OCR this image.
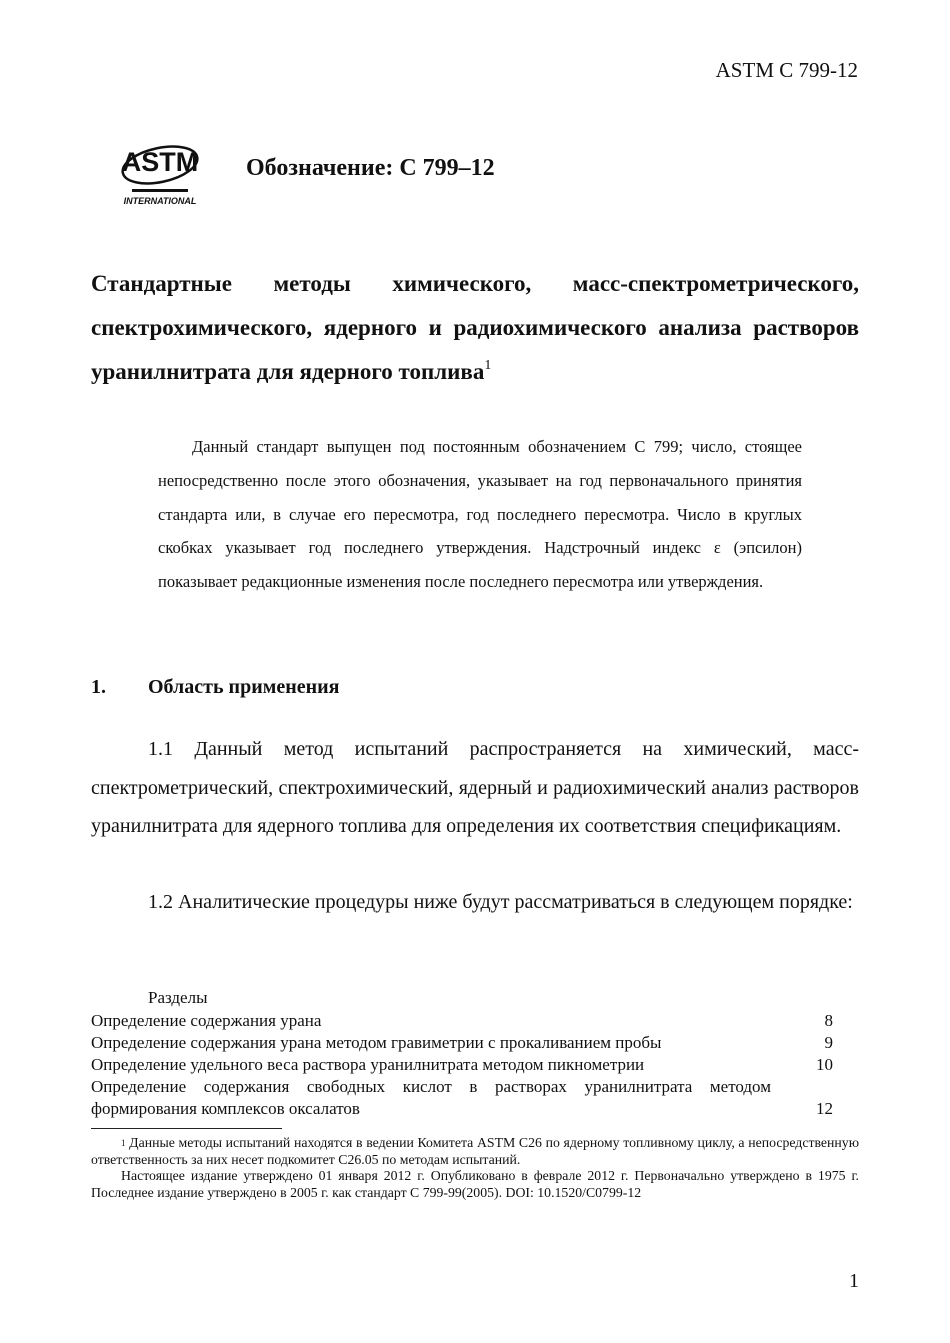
ASTM C 799-12
ASTM
INTERNATIONAL
Обозначение: C 799–12
Стандартные методы химического, масс-спектрометрического, спектрохимического, ядерного и радиохимического анализа растворов уранилнитрата для ядерного топлива$^1$
Данный стандарт выпущен под постоянным обозначением C 799; число, стоящее непосредственно после этого обозначения, указывает на год первоначального принятия стандарта или, в случае его пересмотра, год последнего пересмотра. Число в круглых скобках указывает год последнего утверждения. Надстрочный индекс ε (эпсилон) показывает редакционные изменения после последнего пересмотра или утверждения.
1. Область применения
1.1 Данный метод испытаний распространяется на химический, масс-спектрометрический, спектрохимический, ядерный и радиохимический анализ растворов уранилнитрата для ядерного топлива для определения их соответствия спецификациям.
1.2 Аналитические процедуры ниже будут рассматриваться в следующем порядке:
Разделы
Определение содержания урана	8
Определение содержания урана методом гравиметрии с прокаливанием пробы	9
Определение удельного веса раствора уранилнитрата методом пикнометрии	10
Определение содержания свободных кислот в растворах уранилнитрата методом формирования комплексов оксалатов	12
$^1$ Данные методы испытаний находятся в ведении Комитета ASTM C26 по ядерному топливному циклу, а непосредственную ответственность за них несет подкомитет C26.05 по методам испытаний.
Настоящее издание утверждено 01 января 2012 г. Опубликовано в феврале 2012 г. Первоначально утверждено в 1975 г. Последнее издание утверждено в 2005 г. как стандарт C 799-99(2005). DOI: 10.1520/C0799-12
1
